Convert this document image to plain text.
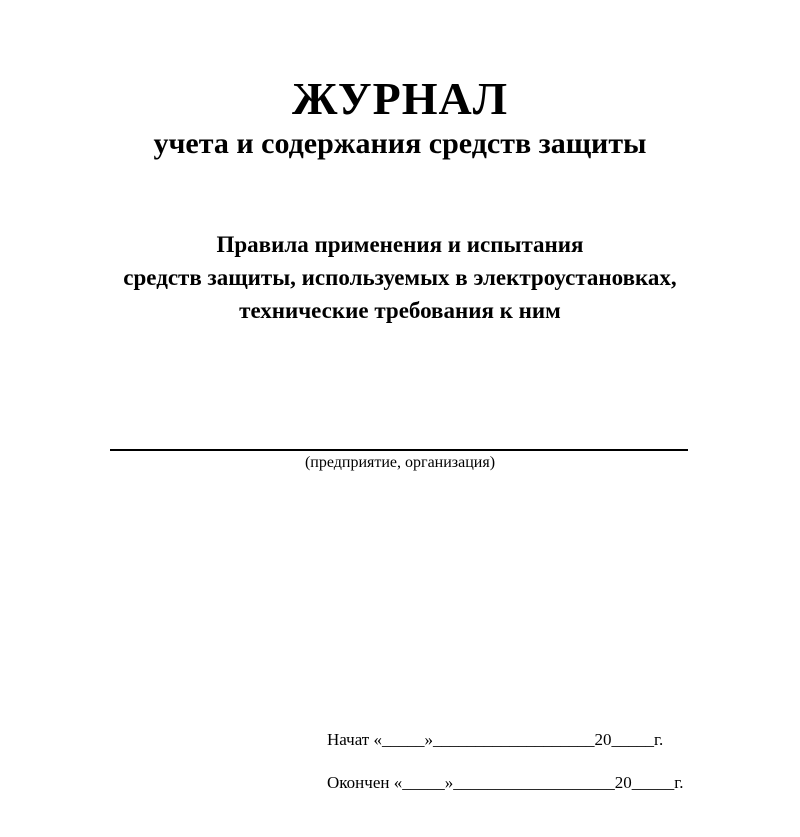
ЖУРНАЛ
учета и содержания средств защиты
Правила применения и испытания
средств защиты, используемых в электроустановках,
технические требования к ним
(предприятие, организация)
Начат «_____»___________________20_____г.
Окончен «_____»___________________20_____г.
